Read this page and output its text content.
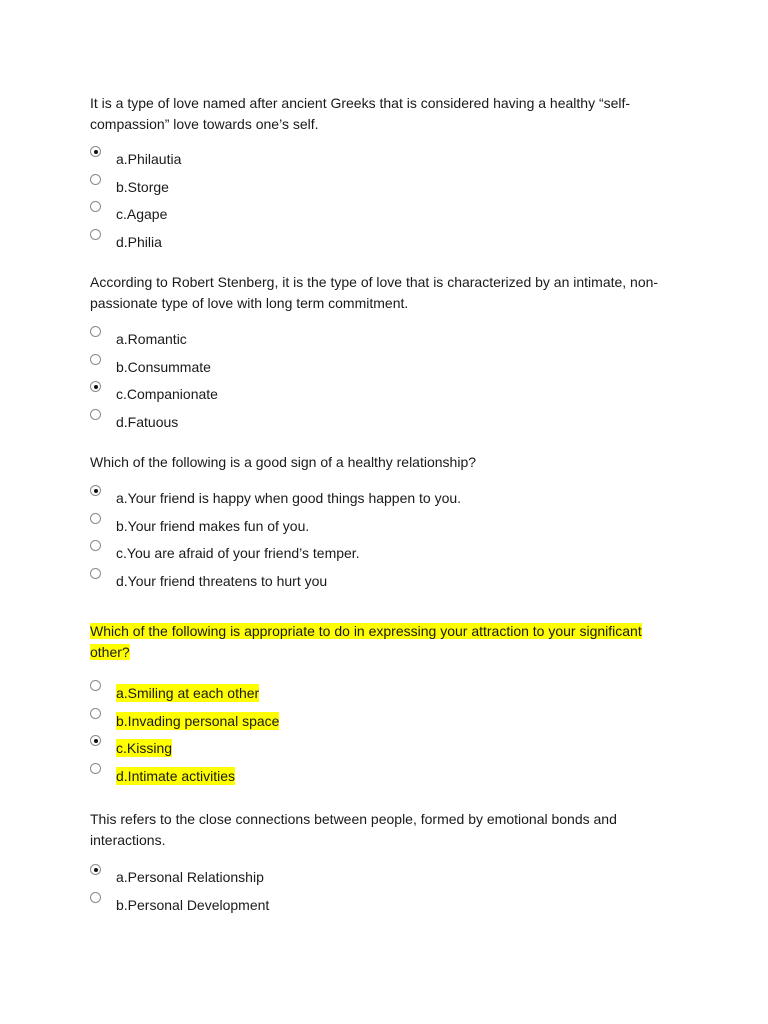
It is a type of love named after ancient Greeks that is considered having a healthy “self-compassion” love towards one’s self.

a.Philautia
b.Storge
c.Agape
d.Philia

According to Robert Stenberg, it is the type of love that is characterized by an intimate, non-passionate type of love with long term commitment.

a.Romantic
b.Consummate
c.Companionate
d.Fatuous

Which of the following is a good sign of a healthy relationship?

a.Your friend is happy when good things happen to you.
b.Your friend makes fun of you.
c.You are afraid of your friend’s temper.
d.Your friend threatens to hurt you

Which of the following is appropriate to do in expressing your attraction to your significant other?

a.Smiling at each other
b.Invading personal space
c.Kissing
d.Intimate activities

This refers to the close connections between people, formed by emotional bonds and interactions.

a.Personal Relationship
b.Personal Development
